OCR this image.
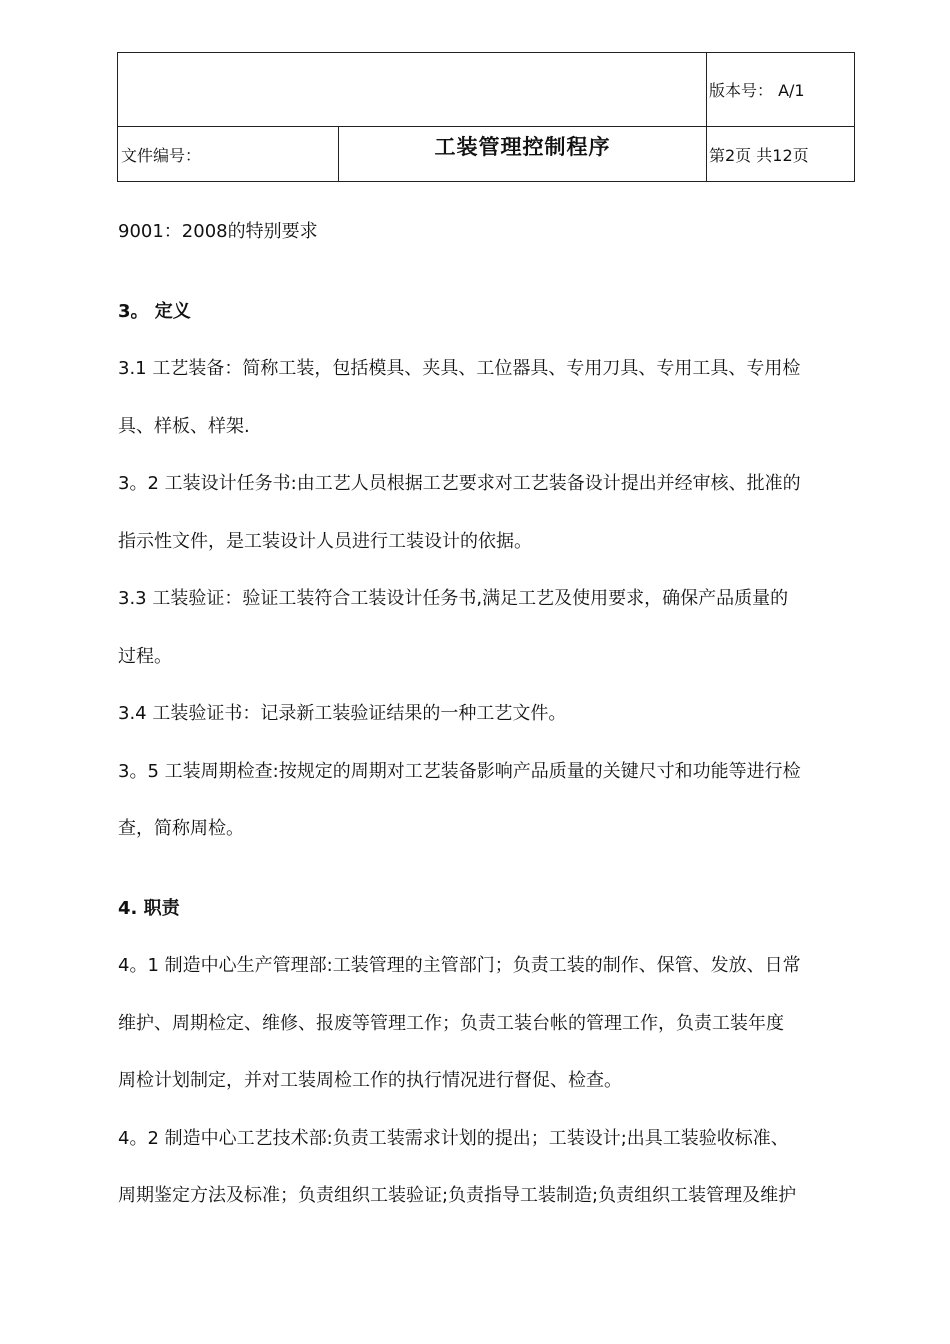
		版本号： A/1
文件编号：	工装管理控制程序	第2页 共12页

9001：2008的特别要求

3。 定义

3.1 工艺装备：简称工装，包括模具、夹具、工位器具、专用刀具、专用工具、专用检

具、样板、样架.

3。2 工装设计任务书:由工艺人员根据工艺要求对工艺装备设计提出并经审核、批准的

指示性文件，是工装设计人员进行工装设计的依据。

3.3 工装验证：验证工装符合工装设计任务书,满足工艺及使用要求，确保产品质量的

过程。

3.4 工装验证书：记录新工装验证结果的一种工艺文件。

3。5 工装周期检查:按规定的周期对工艺装备影响产品质量的关键尺寸和功能等进行检

查，简称周检。

4. 职责

4。1 制造中心生产管理部:工装管理的主管部门；负责工装的制作、保管、发放、日常

维护、周期检定、维修、报废等管理工作；负责工装台帐的管理工作，负责工装年度

周检计划制定，并对工装周检工作的执行情况进行督促、检查。

4。2 制造中心工艺技术部:负责工装需求计划的提出；工装设计;出具工装验收标准、

周期鉴定方法及标准；负责组织工装验证;负责指导工装制造;负责组织工装管理及维护
